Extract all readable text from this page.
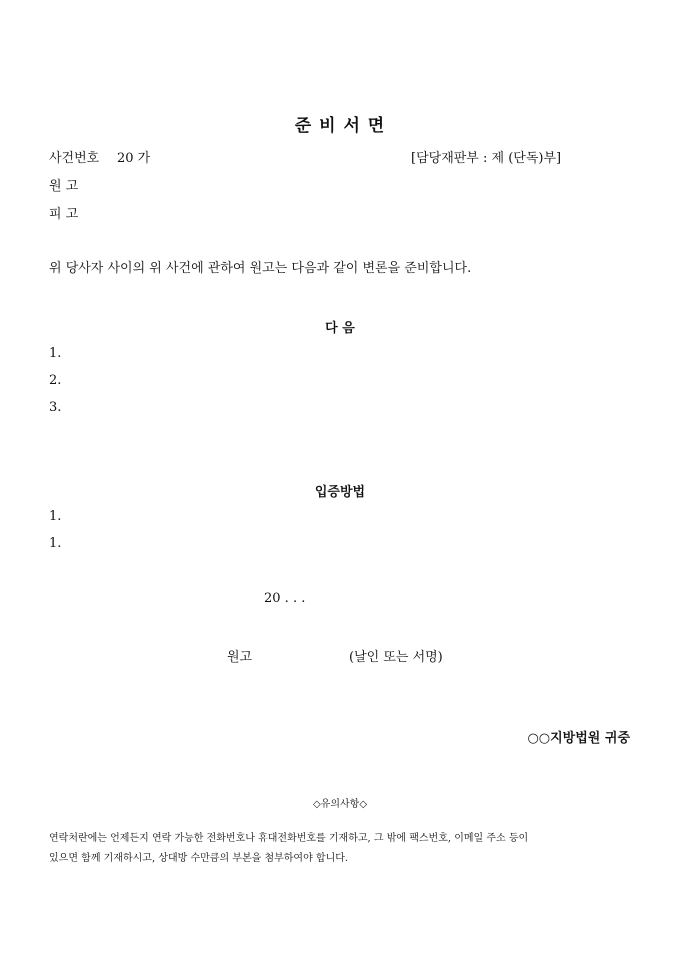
준 비 서 면
사건번호 20 가	[담당재판부 : 제 (단독)부]
원 고
피 고
위 당사자 사이의 위 사건에 관하여 원고는 다음과 같이 변론을 준비합니다.
다 음
1.
2.
3.
입증방법
1.
1.
20 . . .
원고	(날인 또는 서명)
○○지방법원 귀중
◇유의사항◇
연락처란에는 언제든지 연락 가능한 전화번호나 휴대전화번호를 기재하고, 그 밖에 팩스번호, 이메일 주소 등이
있으면 함께 기재하시고, 상대방 수만큼의 부본을 첨부하여야 합니다.
